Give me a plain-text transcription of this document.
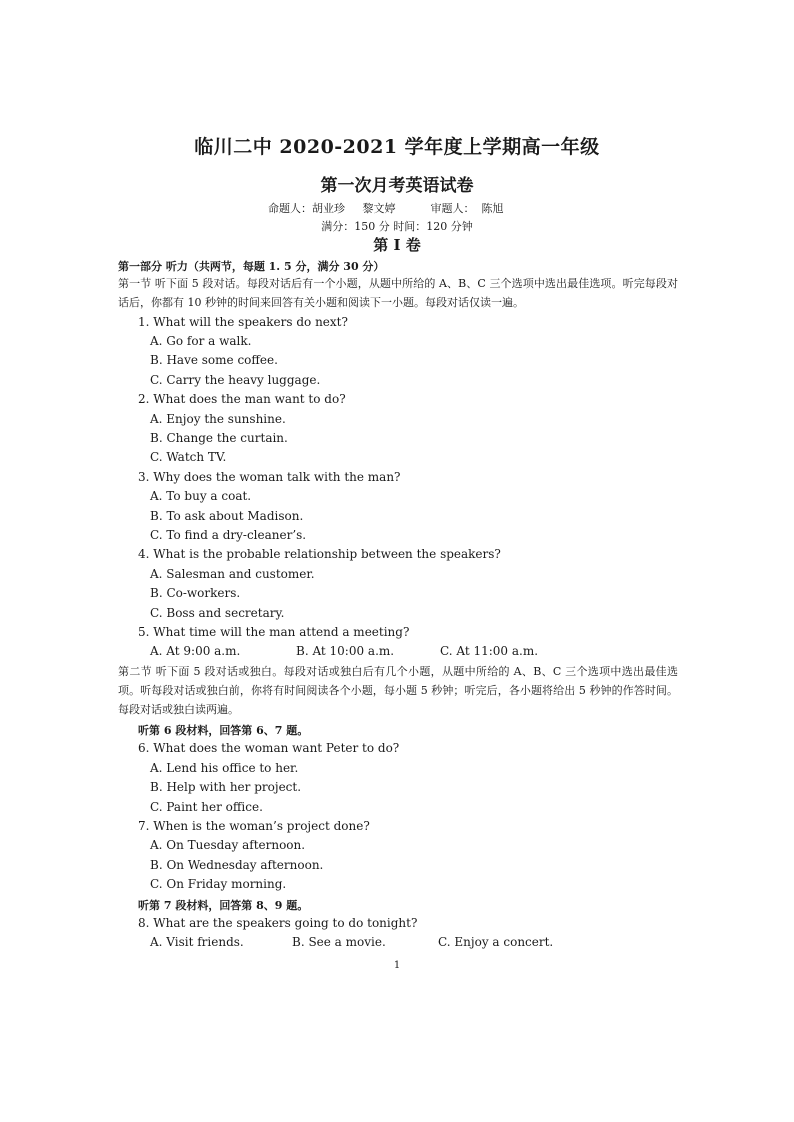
临川二中 2020-2021 学年度上学期高一年级
第一次月考英语试卷
命题人：胡业珍     黎文婷          审题人：  陈旭
满分：150 分 时间：120 分钟
第 I 卷
第一部分 听力（共两节，每题 1. 5 分，满分 30 分）
第一节 听下面 5 段对话。每段对话后有一个小题，从题中所给的 A、B、C 三个选项中选出最佳选项。听完每段对话后，你都有 10 秒钟的时间来回答有关小题和阅读下一小题。每段对话仅读一遍。
1. What will the speakers do next?
A. Go for a walk.
B. Have some coffee.
C. Carry the heavy luggage.
2. What does the man want to do?
A. Enjoy the sunshine.
B. Change the curtain.
C. Watch TV.
3. Why does the woman talk with the man?
A. To buy a coat.
B. To ask about Madison.
C. To find a dry-cleaner’s.
4. What is the probable relationship between the speakers?
A. Salesman and customer.
B. Co-workers.
C. Boss and secretary.
5. What time will the man attend a meeting?
A. At 9:00 a.m.	B. At 10:00 a.m.	C. At 11:00 a.m.
第二节 听下面 5 段对话或独白。每段对话或独白后有几个小题，从题中所给的 A、B、C 三个选项中选出最佳选项。听每段对话或独白前，你将有时间阅读各个小题，每小题 5 秒钟；听完后，各小题将给出 5 秒钟的作答时间。每段对话或独白读两遍。
听第 6 段材料，回答第 6、7 题。
6. What does the woman want Peter to do?
A. Lend his office to her.
B. Help with her project.
C. Paint her office.
7. When is the woman’s project done?
A. On Tuesday afternoon.
B. On Wednesday afternoon.
C. On Friday morning.
听第 7 段材料，回答第 8、9 题。
8. What are the speakers going to do tonight?
A. Visit friends.	B. See a movie.	C. Enjoy a concert.
1
